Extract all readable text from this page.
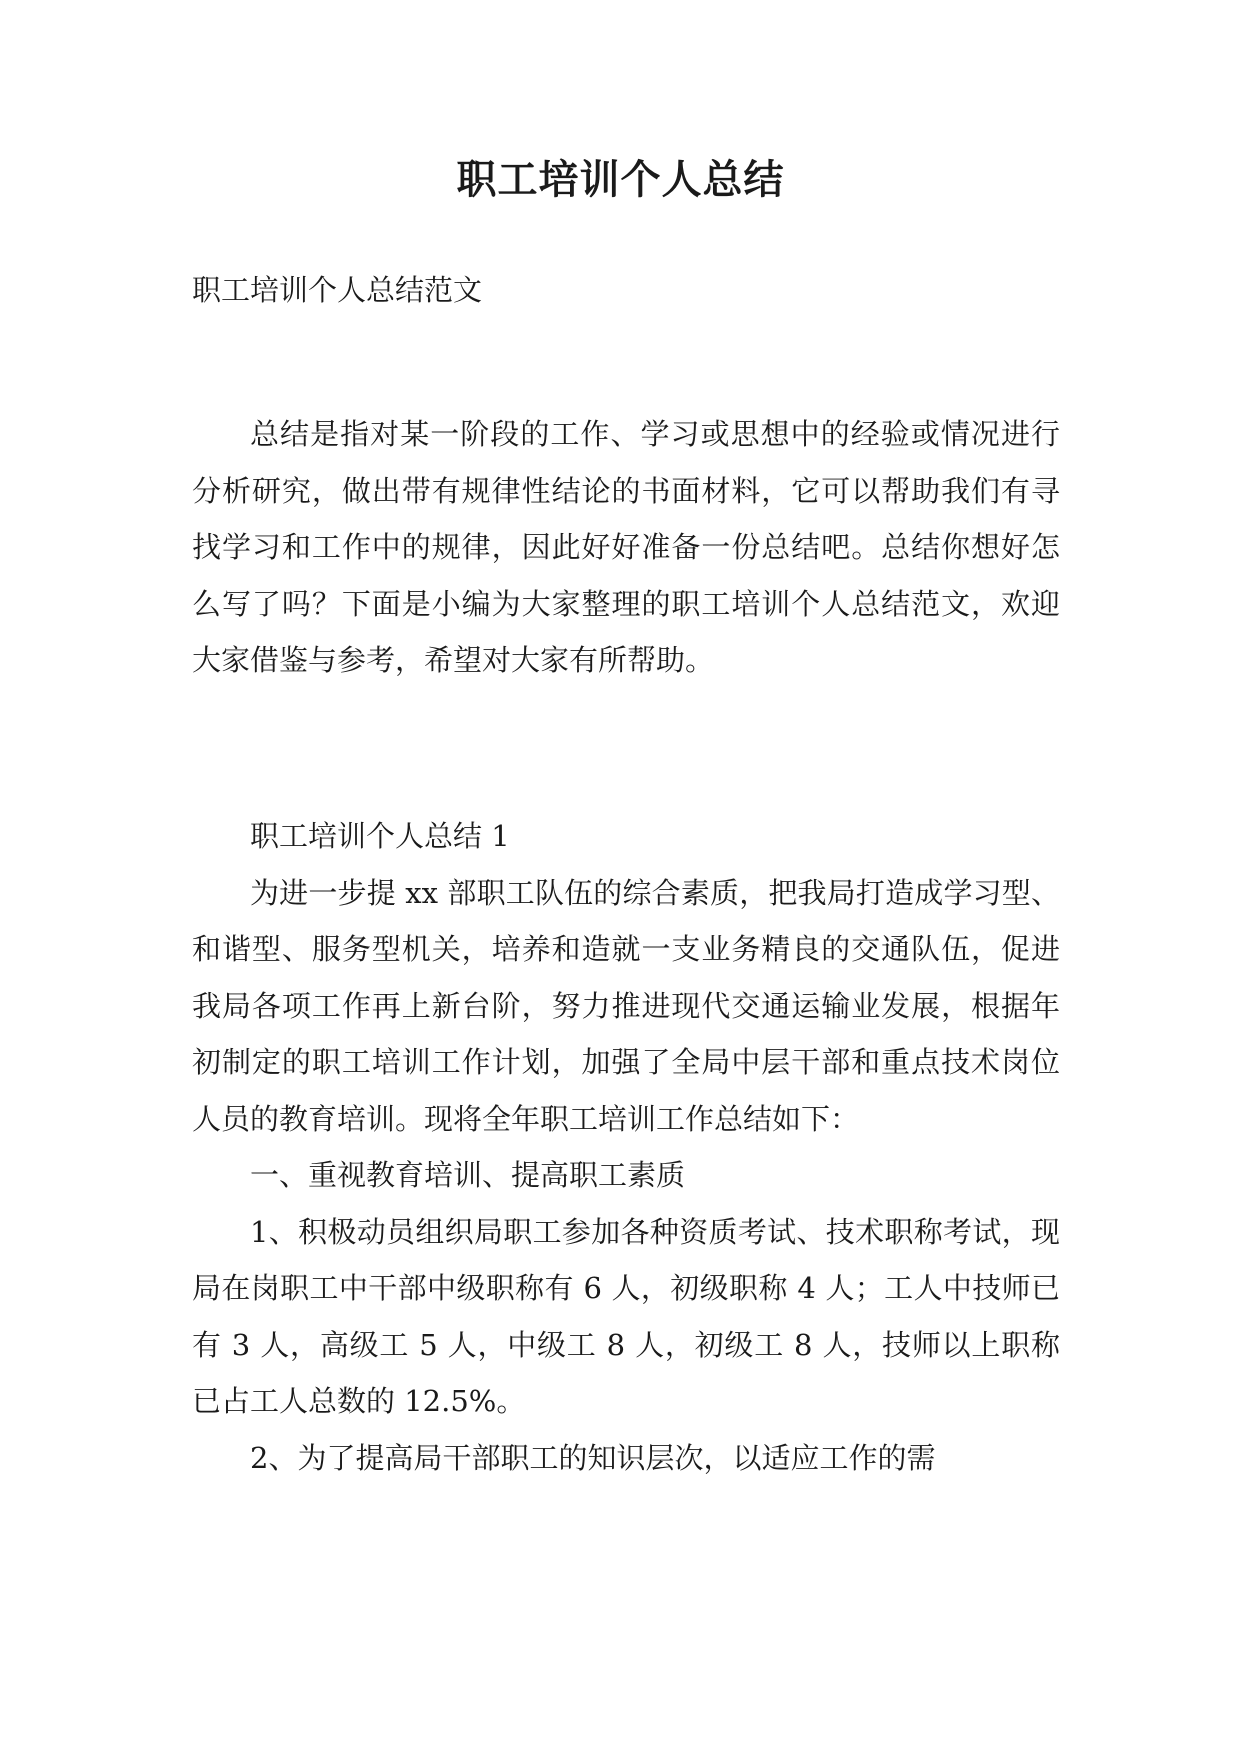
职工培训个人总结

职工培训个人总结范文

总结是指对某一阶段的工作、学习或思想中的经验或情况进行分析研究，做出带有规律性结论的书面材料，它可以帮助我们有寻找学习和工作中的规律，因此好好准备一份总结吧。总结你想好怎么写了吗？下面是小编为大家整理的职工培训个人总结范文，欢迎大家借鉴与参考，希望对大家有所帮助。

职工培训个人总结 1

为进一步提 xx 部职工队伍的综合素质，把我局打造成学习型、和谐型、服务型机关，培养和造就一支业务精良的交通队伍，促进我局各项工作再上新台阶，努力推进现代交通运输业发展，根据年初制定的职工培训工作计划，加强了全局中层干部和重点技术岗位人员的教育培训。现将全年职工培训工作总结如下：

一、重视教育培训、提高职工素质

1、积极动员组织局职工参加各种资质考试、技术职称考试，现局在岗职工中干部中级职称有 6 人，初级职称 4 人；工人中技师已有 3 人，高级工 5 人，中级工 8 人，初级工 8 人，技师以上职称已占工人总数的 12.5%。

2、为了提高局干部职工的知识层次，以适应工作的需
